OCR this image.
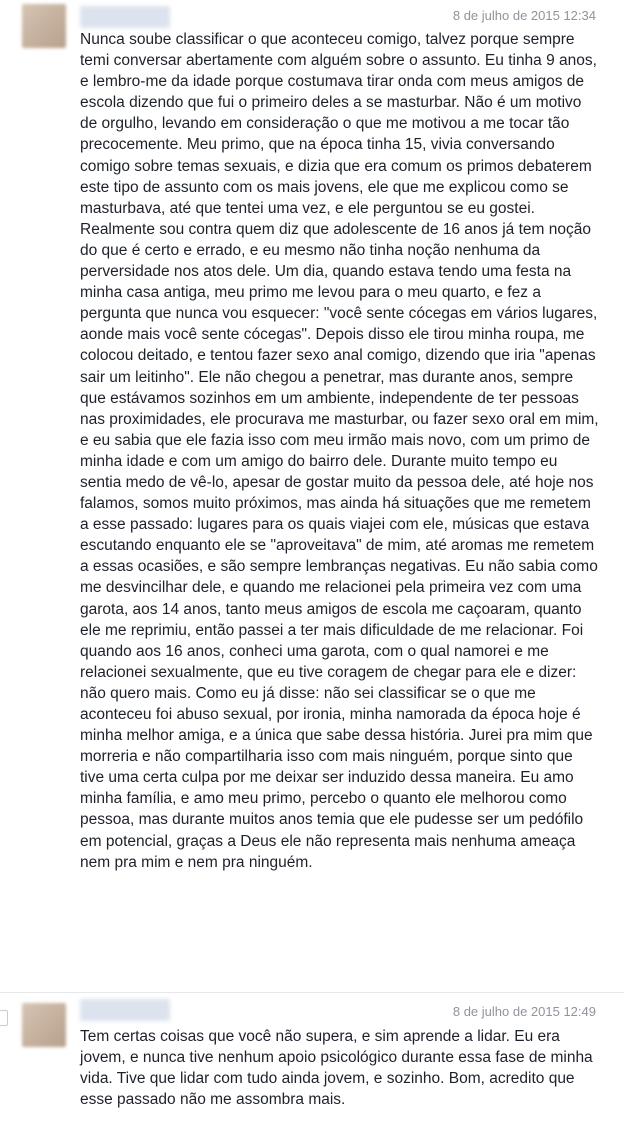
8 de julho de 2015 12:34

Nunca soube classificar o que aconteceu comigo, talvez porque sempre temi conversar abertamente com alguém sobre o assunto. Eu tinha 9 anos, e lembro-me da idade porque costumava tirar onda com meus amigos de escola dizendo que fui o primeiro deles a se masturbar. Não é um motivo de orgulho, levando em consideração o que me motivou a me tocar tão precocemente. Meu primo, que na época tinha 15, vivia conversando comigo sobre temas sexuais, e dizia que era comum os primos debaterem este tipo de assunto com os mais jovens, ele que me explicou como se masturbava, até que tentei uma vez, e ele perguntou se eu gostei. Realmente sou contra quem diz que adolescente de 16 anos já tem noção do que é certo e errado, e eu mesmo não tinha noção nenhuma da perversidade nos atos dele. Um dia, quando estava tendo uma festa na minha casa antiga, meu primo me levou para o meu quarto, e fez a pergunta que nunca vou esquecer: "você sente cócegas em vários lugares, aonde mais você sente cócegas". Depois disso ele tirou minha roupa, me colocou deitado, e tentou fazer sexo anal comigo, dizendo que iria "apenas sair um leitinho". Ele não chegou a penetrar, mas durante anos, sempre que estávamos sozinhos em um ambiente, independente de ter pessoas nas proximidades, ele procurava me masturbar, ou fazer sexo oral em mim, e eu sabia que ele fazia isso com meu irmão mais novo, com um primo de minha idade e com um amigo do bairro dele. Durante muito tempo eu sentia medo de vê-lo, apesar de gostar muito da pessoa dele, até hoje nos falamos, somos muito próximos, mas ainda há situações que me remetem a esse passado: lugares para os quais viajei com ele, músicas que estava escutando enquanto ele se "aproveitava" de mim, até aromas me remetem a essas ocasiões, e são sempre lembranças negativas. Eu não sabia como me desvincilhar dele, e quando me relacionei pela primeira vez com uma garota, aos 14 anos, tanto meus amigos de escola me caçoaram, quanto ele me reprimiu, então passei a ter mais dificuldade de me relacionar. Foi quando aos 16 anos, conheci uma garota, com o qual namorei e me relacionei sexualmente, que eu tive coragem de chegar para ele e dizer: não quero mais. Como eu já disse: não sei classificar se o que me aconteceu foi abuso sexual, por ironia, minha namorada da época hoje é minha melhor amiga, e a única que sabe dessa história. Jurei pra mim que morreria e não compartilharia isso com mais ninguém, porque sinto que tive uma certa culpa por me deixar ser induzido dessa maneira. Eu amo minha família, e amo meu primo, percebo o quanto ele melhorou como pessoa, mas durante muitos anos temia que ele pudesse ser um pedófilo em potencial, graças a Deus ele não representa mais nenhuma ameaça nem pra mim e nem pra ninguém.

8 de julho de 2015 12:49

Tem certas coisas que você não supera, e sim aprende a lidar. Eu era jovem, e nunca tive nenhum apoio psicológico durante essa fase de minha vida. Tive que lidar com tudo ainda jovem, e sozinho. Bom, acredito que esse passado não me assombra mais.
